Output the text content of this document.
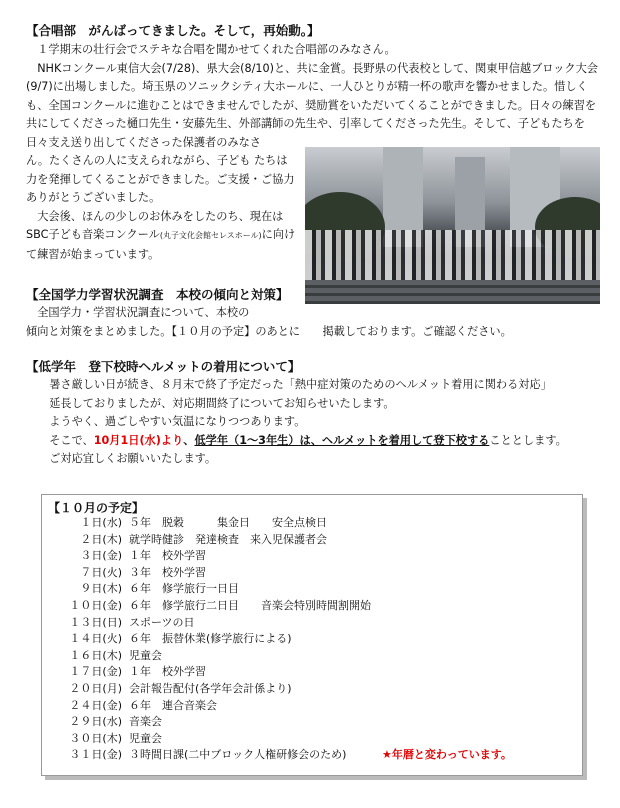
【合唱部　がんばってきました。そして，再始動。】

１学期末の壮行会でステキな合唱を聞かせてくれた合唱部のみなさん。

NHKコンクール東信大会(7/28)、県大会(8/10)と、共に金賞。長野県の代表校として、関東甲信越ブロック大会(9/7)に出場しました。埼玉県のソニックシティ大ホールに、一人ひとりが精一杯の歌声を響かせました。惜しくも、全国コンクールに進むことはできませんでしたが、奨励賞をいただいてくることができました。日々の練習を共にしてくださった樋口先生・安藤先生、外部講師の先生や、引率してくださった先生。そして、子どもたちを日々支え送り出してくださった保護者のみなさ

ん。たくさんの人に支えられながら、子ども たちは力を発揮してくることができました。ご支援・ご協力ありがとうございました。

大会後、ほんの少しのお休みをしたのち、現在はSBC子ども音楽コンクール(丸子文化会館セレスホール)に向けて練習が始まっています。

【全国学力学習状況調査　本校の傾向と対策】

全国学力・学習状況調査について、本校の

傾向と対策をまとめました。【１０月の予定】のあとに　　掲載しております。ご確認ください。

【低学年　登下校時ヘルメットの着用について】

暑さ厳しい日が続き、８月末で終了予定だった「熱中症対策のためのヘルメット着用に関わる対応」

延長しておりましたが、対応期間終了についてお知らせいたします。

ようやく、過ごしやすい気温になりつつあります。

そこで、10月1日(水)より、低学年（1～3年生）は、ヘルメットを着用して登下校することとします。

ご対応宜しくお願いいたします。

【１０月の予定】
１日(水) ５年　脱穀　　　集金日　　安全点検日
２日(木) 就学時健診　発達検査　来入児保護者会
３日(金) １年　校外学習
７日(火) ３年　校外学習
９日(木) ６年　修学旅行一日目
１０日(金) ６年　修学旅行二日目　　音楽会特別時間割開始
１３日(日) スポーツの日
１４日(火) ６年　振替休業(修学旅行による)
１６日(木) 児童会
１７日(金) １年　校外学習
２０日(月) 会計報告配付(各学年会計係より)
２４日(金) ６年　連合音楽会
２９日(水) 音楽会
３０日(木) 児童会
３１日(金) ３時間日課(二中ブロック人権研修会のため)	★年暦と変わっています。
